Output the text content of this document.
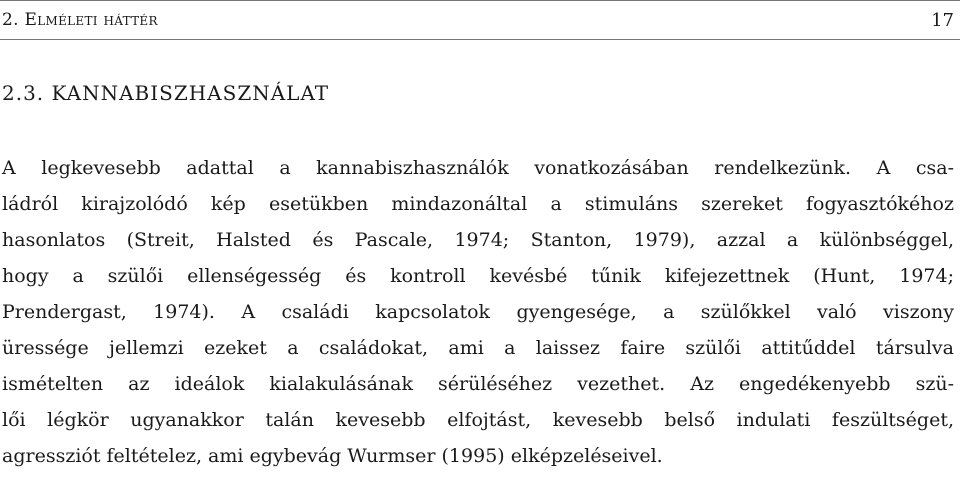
2. Elméleti háttér	17
2.3. KANNABISZHASZNÁLAT

A legkevesebb adattal a kannabiszhasználók vonatkozásában rendelkezünk. A csa-
ládról kirajzolódó kép esetükben mindazonáltal a stimuláns szereket fogyasztókéhoz
hasonlatos (Streit, Halsted és Pascale, 1974; Stanton, 1979), azzal a különbséggel,
hogy a szülői ellenségesség és kontroll kevésbé tűnik kifejezettnek (Hunt, 1974;
Prendergast, 1974). A családi kapcsolatok gyengesége, a szülőkkel való viszony
üressége jellemzi ezeket a családokat, ami a laissez faire szülői attitűddel társulva
ismételten az ideálok kialakulásának sérüléséhez vezethet. Az engedékenyebb szü-
lői légkör ugyanakkor talán kevesebb elfojtást, kevesebb belső indulati feszültséget,
agressziót feltételez, ami egybevág Wurmser (1995) elképzeléseivel.
